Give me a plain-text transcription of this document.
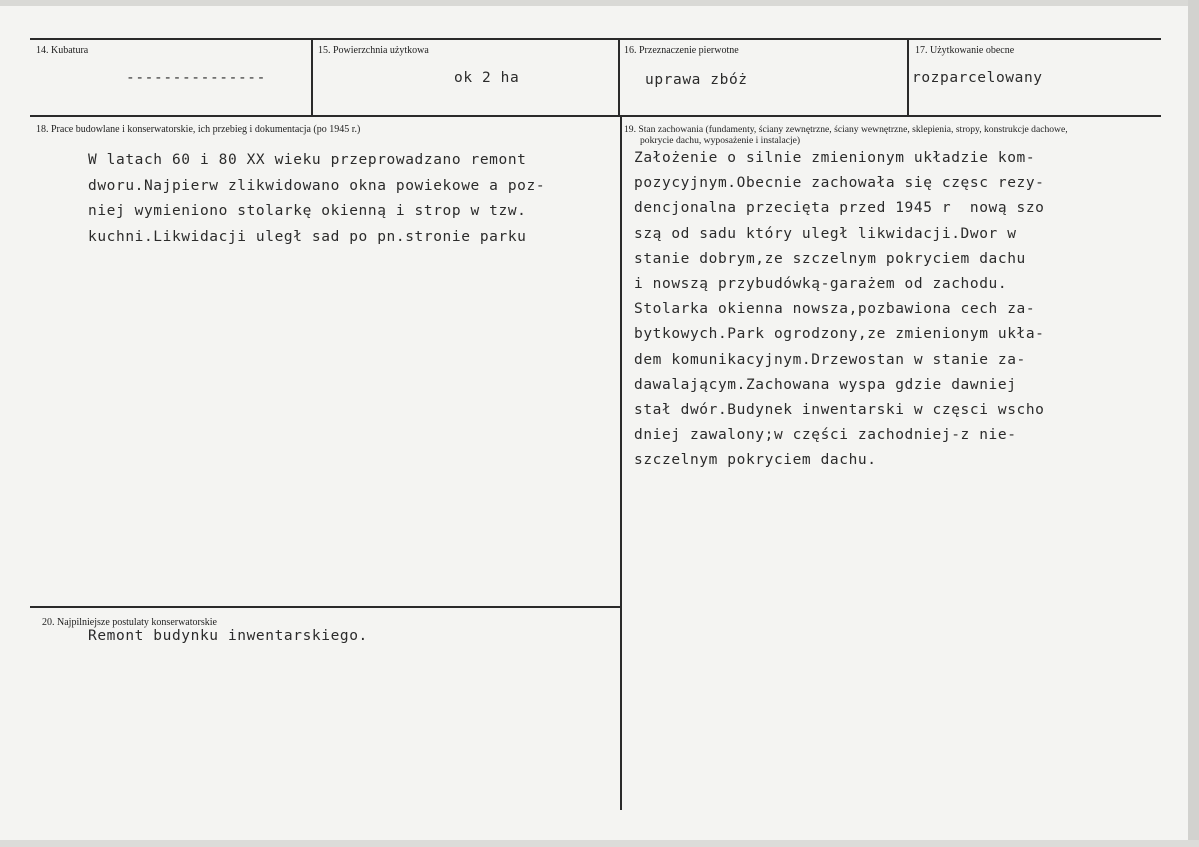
14. Kubatura
---------------
15. Powierzchnia użytkowa
ok 2 ha
16. Przeznaczenie pierwotne
uprawa zbóż
17. Użytkowanie obecne
rozparcelowany
18. Prace budowlane i konserwatorskie, ich przebieg i dokumentacja (po 1945 r.)
W latach 60 i 80 XX wieku przeprowadzano remont
dworu.Najpierw zlikwidowano okna powiekowe a poz-
niej wymieniono stolarkę okienną i strop w tzw.
kuchni.Likwidacji uległ sad po pn.stronie parku
19. Stan zachowania (fundamenty, ściany zewnętrzne, ściany wewnętrzne, sklepienia, stropy, konstrukcje dachowe,
pokrycie dachu, wyposażenie i instalacje)
Założenie o silnie zmienionym układzie kom-
pozycyjnym.Obecnie zachowała się częsc rezy-
dencjonalna przecięta przed 1945 r  nową szo
szą od sadu który uległ likwidacji.Dwor w
stanie dobrym,ze szczelnym pokryciem dachu
i nowszą przybudówką-garażem od zachodu.
Stolarka okienna nowsza,pozbawiona cech za-
bytkowych.Park ogrodzony,ze zmienionym ukła-
dem komunikacyjnym.Drzewostan w stanie za-
dawalającym.Zachowana wyspa gdzie dawniej
stał dwór.Budynek inwentarski w częsci wscho
dniej zawalony;w części zachodniej-z nie-
szczelnym pokryciem dachu.
20. Najpilniejsze postulaty konserwatorskie
Remont budynku inwentarskiego.
